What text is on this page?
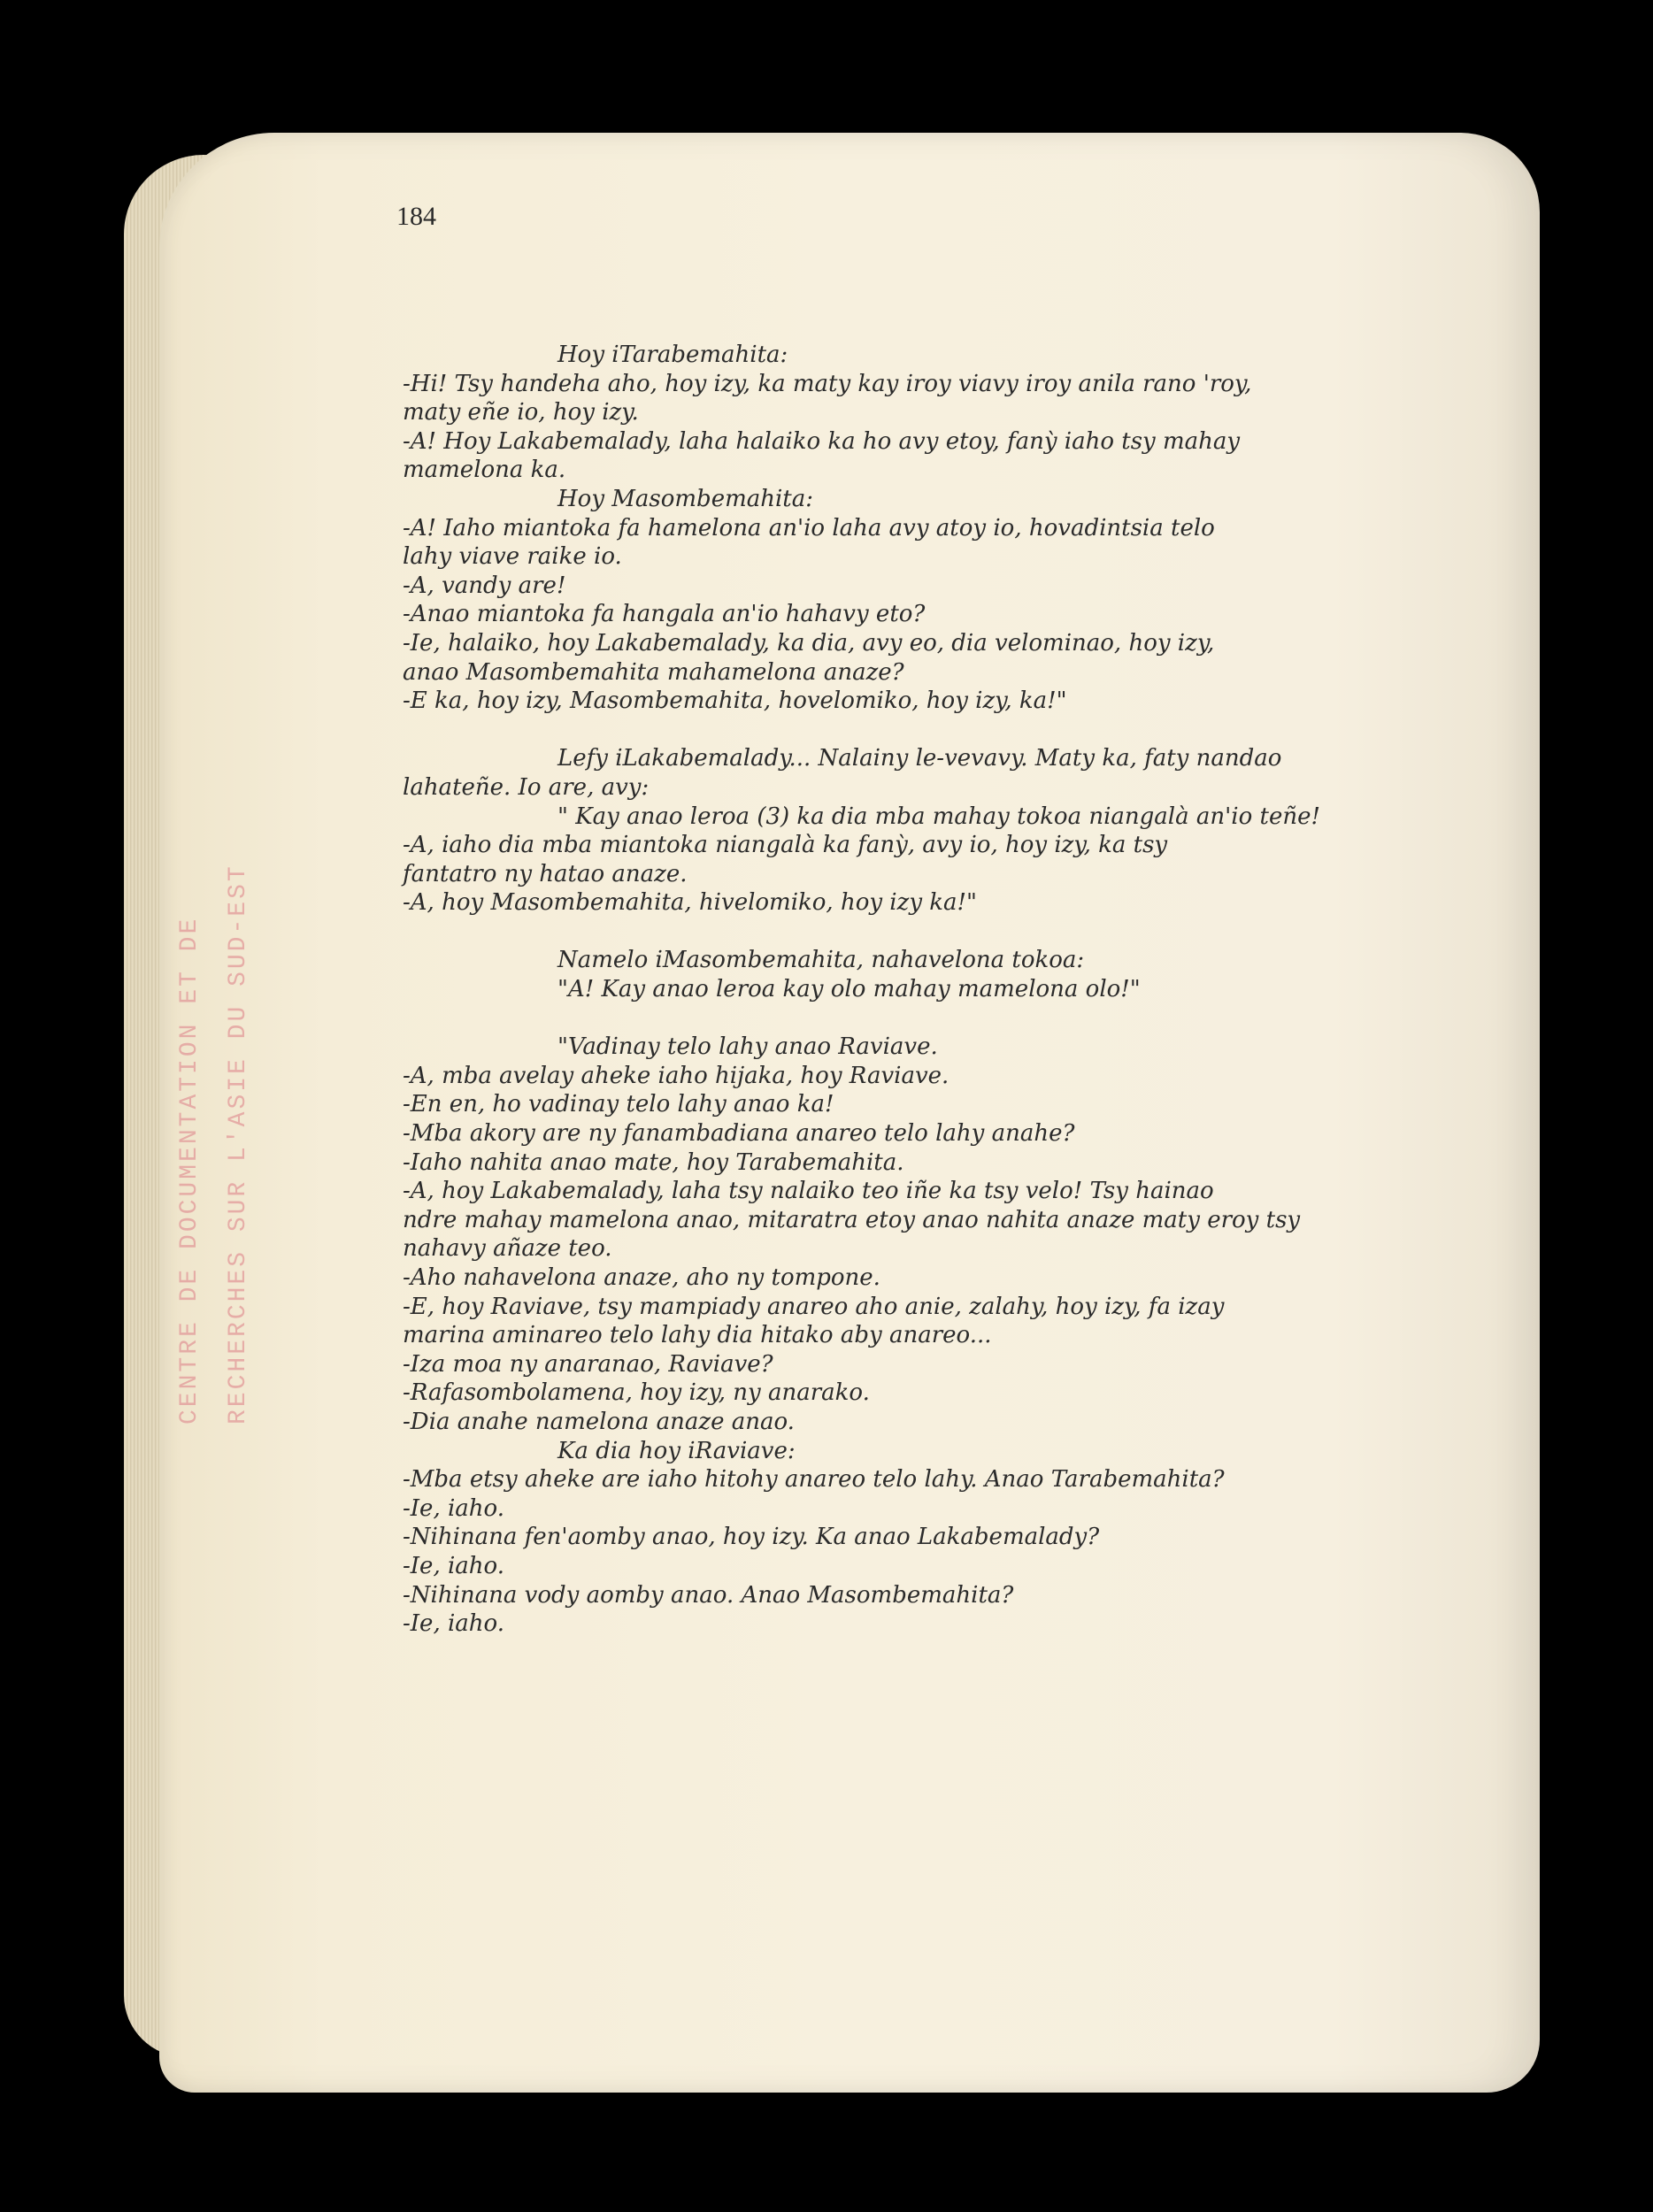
CENTRE DE DOCUMENTATION ET DE RECHERCHES SUR L'ASIE DU SUD-EST
184
Hoy iTarabemahita:
-Hi! Tsy handeha aho, hoy izy, ka maty kay iroy viavy iroy anila rano 'roy,
maty eñe io, hoy izy.
-A! Hoy Lakabemalady, laha halaiko ka ho avy etoy, fanỳ iaho tsy mahay
mamelona ka.
Hoy Masombemahita:
-A! Iaho miantoka fa hamelona an'io laha avy atoy io, hovadintsia telo
lahy viave raike io.
-A, vandy are!
-Anao miantoka fa hangala an'io hahavy eto?
-Ie, halaiko, hoy Lakabemalady, ka dia, avy eo, dia velominao, hoy izy,
anao Masombemahita mahamelona anaze?
-E ka, hoy izy, Masombemahita, hovelomiko, hoy izy, ka!"
Lefy iLakabemalady... Nalainy le-vevavy. Maty ka, faty nandao
lahateñe. Io are, avy:
" Kay anao leroa (3) ka dia mba mahay tokoa niangalà an'io teñe!
-A, iaho dia mba miantoka niangalà ka fanỳ, avy io, hoy izy, ka tsy
fantatro ny hatao anaze.
-A, hoy Masombemahita, hivelomiko, hoy izy ka!"
Namelo iMasombemahita, nahavelona tokoa:
"A! Kay anao leroa kay olo mahay mamelona olo!"
"Vadinay telo lahy anao Raviave.
-A, mba avelay aheke iaho hijaka, hoy Raviave.
-En en, ho vadinay telo lahy anao ka!
-Mba akory are ny fanambadiana anareo telo lahy anahe?
-Iaho nahita anao mate, hoy Tarabemahita.
-A, hoy Lakabemalady, laha tsy nalaiko teo iñe ka tsy velo! Tsy hainao
ndre mahay mamelona anao, mitaratra etoy anao nahita anaze maty eroy tsy
nahavy añaze teo.
-Aho nahavelona anaze, aho ny tompone.
-E, hoy Raviave, tsy mampiady anareo aho anie, zalahy, hoy izy, fa izay
marina aminareo telo lahy dia hitako aby anareo...
-Iza moa ny anaranao, Raviave?
-Rafasombolamena, hoy izy, ny anarako.
-Dia anahe namelona anaze anao.
Ka dia hoy iRaviave:
-Mba etsy aheke are iaho hitohy anareo telo lahy. Anao Tarabemahita?
-Ie, iaho.
-Nihinana fen'aomby anao, hoy izy. Ka anao Lakabemalady?
-Ie, iaho.
-Nihinana vody aomby anao. Anao Masombemahita?
-Ie, iaho.
